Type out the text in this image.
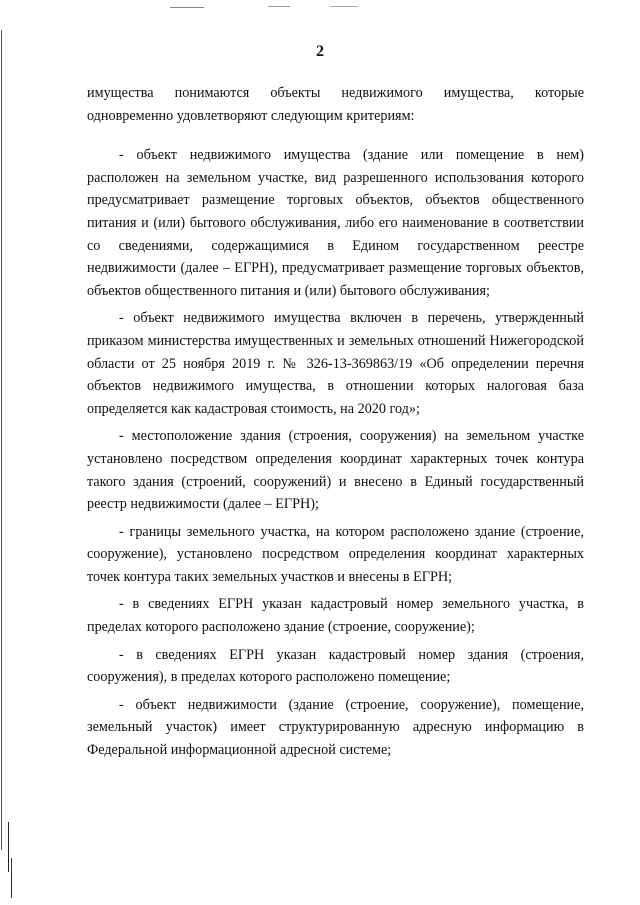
2

имущества понимаются объекты недвижимого имущества, которые одновременно удовлетворяют следующим критериям:

- объект недвижимого имущества (здание или помещение в нем) расположен на земельном участке, вид разрешенного использования которого предусматривает размещение торговых объектов, объектов общественного питания и (или) бытового обслуживания, либо его наименование в соответствии со сведениями, содержащимися в Едином государственном реестре недвижимости (далее – ЕГРН), предусматривает размещение торговых объектов, объектов общественного питания и (или) бытового обслуживания;

- объект недвижимого имущества включен в перечень, утвержденный приказом министерства имущественных и земельных отношений Нижегородской области от 25 ноября 2019 г. № 326-13-369863/19 «Об определении перечня объектов недвижимого имущества, в отношении которых налоговая база определяется как кадастровая стоимость, на 2020 год»;

- местоположение здания (строения, сооружения) на земельном участке установлено посредством определения координат характерных точек контура такого здания (строений, сооружений) и внесено в Единый государственный реестр недвижимости (далее – ЕГРН);

- границы земельного участка, на котором расположено здание (строение, сооружение), установлено посредством определения координат характерных точек контура таких земельных участков и внесены в ЕГРН;

- в сведениях ЕГРН указан кадастровый номер земельного участка, в пределах которого расположено здание (строение, сооружение);

- в сведениях ЕГРН указан кадастровый номер здания (строения, сооружения), в пределах которого расположено помещение;

- объект недвижимости (здание (строение, сооружение), помещение, земельный участок) имеет структурированную адресную информацию в Федеральной информационной адресной системе;
